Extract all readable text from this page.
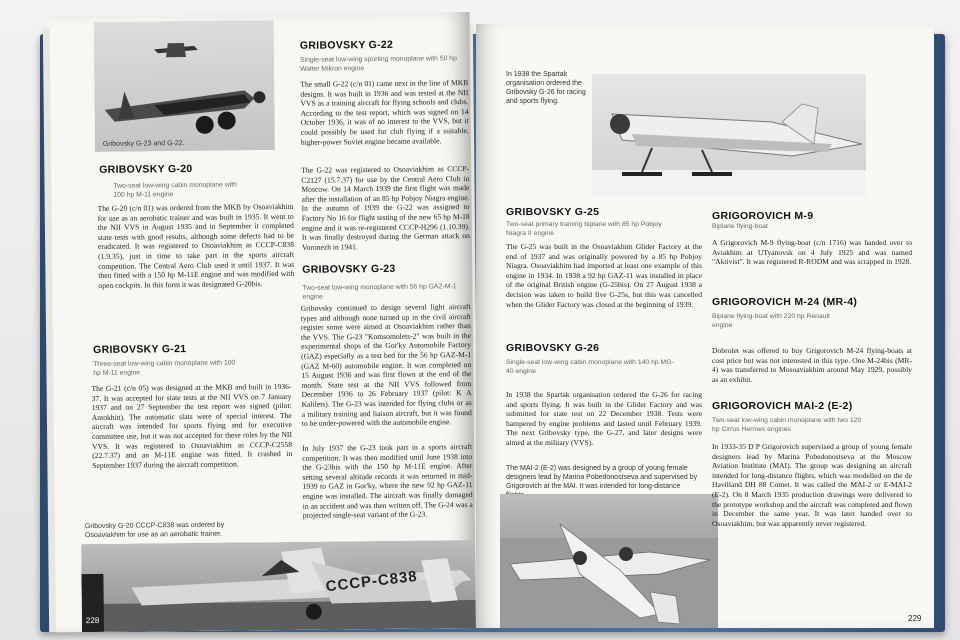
Gribovsky G-23 and G-22.
GRIBOVSKY G-20
Two-seat low-wing cabin monoplane with 100 hp M-11 engine

The G-20 (c/n 01) was ordered from the MKB by Osoaviakhim for use as an aerobatic trainer and was built in 1935. It went to the NII VVS in August 1935 and in September it completed state tests with good results, although some defects had to be eradicated. It was registered to Osoaviakhim as CCCP-C838 (1.9.35), just in time to take part in the sports aircraft competition. The Central Aero Club used it until 1937. It was then fitted with a 150 hp M-11E engine and was modified with open cockpits. In this form it was designated G-20bis.

GRIBOVSKY G-21
Three-seat low-wing cabin monoplane with 100 hp M-11 engine

The G-21 (c/n 05) was designed at the MKB and built in 1936-37. It was accepted for state tests at the NII VVS on 7 January 1937 and on 27 September the test report was signed (pilot: Antokhin). The automatic slats were of special interest. The aircraft was intended for sports flying and for executive committee use, but it was not accepted for these roles by the NII VVS. It was registered to Osoaviakhim as CCCP-C2558 (22.7.37) and an M-11E engine was fitted. It crashed in September 1937 during the aircraft competition.

GRIBOVSKY G-22
Single-seat low-wing sporting monoplane with 50 hp Walter Mikron engine

The small G-22 (c/n 01) came next in the line of MKB designs. It was built in 1936 and was tested at the NII VVS as a training aircraft for flying schools and clubs. According to the test report, which was signed on 14 October 1936, it was of no interest to the VVS, but it could possibly be used for club flying if a suitable, higher-power Soviet engine became available.

The G-22 was registered to Osoaviakhim as CCCP-C2127 (15.7.37) for use by the Central Aero Club in Moscow. On 14 March 1939 the first flight was made after the installation of an 85 hp Pobjoy Niagra engine. In the autumn of 1939 the G-22 was assigned to Factory No 16 for flight testing of the new 65 hp M-18 engine and it was re-registered CCCP-H296 (1.10.39). It was finally destroyed during the German attack on Voronezh in 1941.

GRIBOVSKY G-23
Two-seat low-wing monoplane with 56 hp GAZ-M-1 engine

Gribovsky continued to design several light aircraft types and although none turned up in the civil aircraft register some were aimed at Osoaviakhim rather than the VVS. The G-23 "Komsomolets-2" was built in the experimental shops of the Gor'ky Automobile Factory (GAZ) especially as a test bed for the 56 hp GAZ-M-1 (GAZ M-60) automobile engine. It was completed on 15 August 1936 and was first flown at the end of the month. State test at the NII VVS followed from December 1936 to 26 February 1937 (pilot: K A Kalilets). The G-23 was intended for flying clubs or as a military training and liaison aircraft, but it was found to be under-powered with the automobile engine.

In July 1937 the G-23 took part in a sports aircraft competition. It was then modified until June 1938 into the G-23bis with the 150 hp M-11E engine. After setting several altitude records it was returned in mid-1939 to GAZ in Gor'ky, where the new 92 hp GAZ-11 engine was installed. The aircraft was finally damaged in an accident and was then written off. The G-24 was a projected single-seat variant of the G-23.

Gribovsky G-20 CCCP-C838 was ordered by Osoaviakhim for use as an aerobatic trainer.
CCCP-C838
228
In 1938 the Spartak organisation ordered the Gribovsky G-26 for racing and sports flying.
GRIBOVSKY G-25
Two-seat primary training biplane with 85 hp Pobjoy Niagra II engine

The G-25 was built in the Osoaviakhim Glider Factory at the end of 1937 and was originally powered by a 85 hp Pobjoy Niagra. Osoaviakhim had imported at least one example of this engine in 1934. In 1938 a 92 hp GAZ-11 was installed in place of the original British engine (G-25bis). On 27 August 1938 a decision was taken to build five G-25s, but this was cancelled when the Glider Factory was closed at the beginning of 1939.

GRIBOVSKY G-26
Single-seat low-wing cabin monoplane with 140 hp MG-40 engine

In 1938 the Spartak organisation ordered the G-26 for racing and sports flying. It was built in the Glider Factory and was submitted for state test on 22 December 1938. Tests were hampered by engine problems and lasted until February 1939. The next Gribovsky type, the G-27, and later designs were aimed at the military (VVS).

The MAI-2 (E-2) was designed by a group of young female designers lead by Marina Pobedonostseva and supervised by Grigorovich at the MAI. It was intended for long-distance
GRIGOROVICH M-9
Biplane flying-boat

A Grigorovich M-9 flying-boat (c/n 1716) was handed over to Aviakhim at UTyanovsk on 4 July 1925 and was named "Aktivist". It was registered R-RODM and was scrapped in 1928.

GRIGOROVICH M-24 (MR-4)
Biplane flying-boat with 220 hp Renault engine

Dobrolet was offered to buy Grigorovich M-24 flying-boats at cost price but was not interested in this type. One M-24bis (MR-4) was transferred to Mosoaviakhim around May 1929, possibly as an exhibit.

GRIGOROVICH MAI-2 (E-2)
Two-seat low-wing cabin monoplane with two 120 hp Cirrus Hermes engines

In 1933-35 D P Grigorovich supervised a group of young female designers lead by Marina Pobedonostseva at the Moscow Aviation Institute (MAI). The group was designing an aircraft intended for long-distance flights, which was modelled on the de Havilland DH 88 Comet. It was called the MAI-2 or E-MAI-2 (E-2). On 8 March 1935 production drawings were delivered to the prototype workshop and the aircraft was completed and flown in December the same year. It was later handed over to Osoaviakhim, but was apparently never registered.

229
